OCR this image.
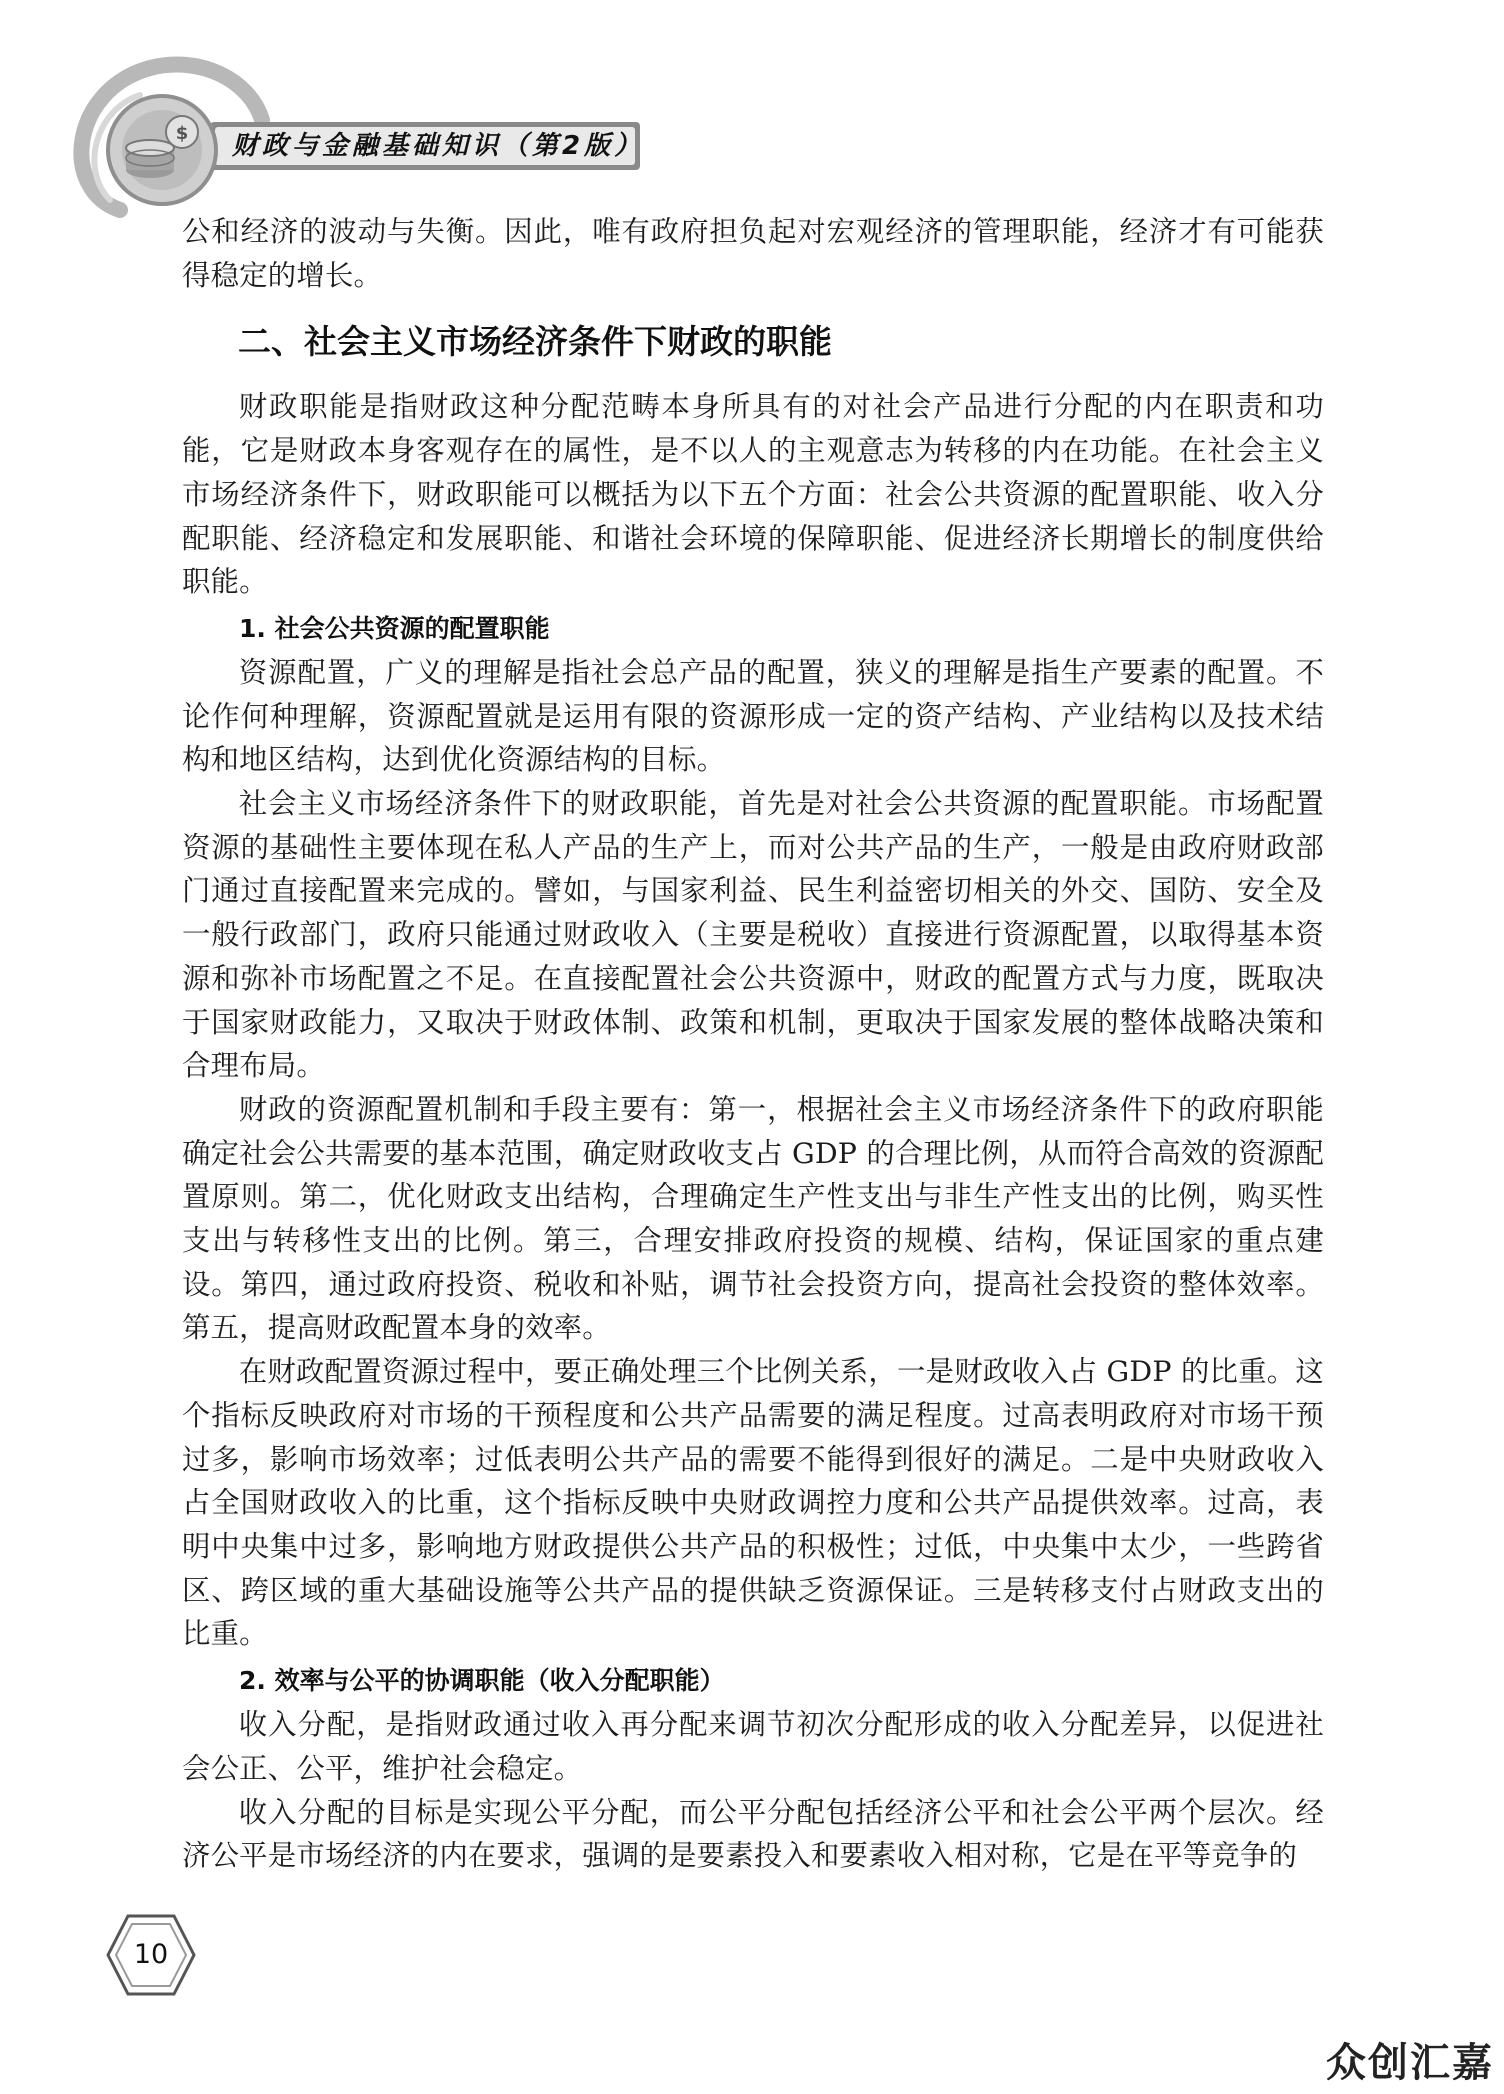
$ 财政与金融基础知识（第2版）

公和经济的波动与失衡。因此，唯有政府担负起对宏观经济的管理职能，经济才有可能获得稳定的增长。

二、社会主义市场经济条件下财政的职能

财政职能是指财政这种分配范畴本身所具有的对社会产品进行分配的内在职责和功能，它是财政本身客观存在的属性，是不以人的主观意志为转移的内在功能。在社会主义市场经济条件下，财政职能可以概括为以下五个方面：社会公共资源的配置职能、收入分配职能、经济稳定和发展职能、和谐社会环境的保障职能、促进经济长期增长的制度供给职能。

1. 社会公共资源的配置职能

资源配置，广义的理解是指社会总产品的配置，狭义的理解是指生产要素的配置。不论作何种理解，资源配置就是运用有限的资源形成一定的资产结构、产业结构以及技术结构和地区结构，达到优化资源结构的目标。

社会主义市场经济条件下的财政职能，首先是对社会公共资源的配置职能。市场配置资源的基础性主要体现在私人产品的生产上，而对公共产品的生产，一般是由政府财政部门通过直接配置来完成的。譬如，与国家利益、民生利益密切相关的外交、国防、安全及一般行政部门，政府只能通过财政收入（主要是税收）直接进行资源配置，以取得基本资源和弥补市场配置之不足。在直接配置社会公共资源中，财政的配置方式与力度，既取决于国家财政能力，又取决于财政体制、政策和机制，更取决于国家发展的整体战略决策和合理布局。

财政的资源配置机制和手段主要有：第一，根据社会主义市场经济条件下的政府职能确定社会公共需要的基本范围，确定财政收支占 GDP 的合理比例，从而符合高效的资源配置原则。第二，优化财政支出结构，合理确定生产性支出与非生产性支出的比例，购买性支出与转移性支出的比例。第三，合理安排政府投资的规模、结构，保证国家的重点建设。第四，通过政府投资、税收和补贴，调节社会投资方向，提高社会投资的整体效率。第五，提高财政配置本身的效率。

在财政配置资源过程中，要正确处理三个比例关系，一是财政收入占 GDP 的比重。这个指标反映政府对市场的干预程度和公共产品需要的满足程度。过高表明政府对市场干预过多，影响市场效率；过低表明公共产品的需要不能得到很好的满足。二是中央财政收入占全国财政收入的比重，这个指标反映中央财政调控力度和公共产品提供效率。过高，表明中央集中过多，影响地方财政提供公共产品的积极性；过低，中央集中太少，一些跨省区、跨区域的重大基础设施等公共产品的提供缺乏资源保证。三是转移支付占财政支出的比重。

2. 效率与公平的协调职能（收入分配职能）

收入分配，是指财政通过收入再分配来调节初次分配形成的收入分配差异，以促进社会公正、公平，维护社会稳定。

收入分配的目标是实现公平分配，而公平分配包括经济公平和社会公平两个层次。经济公平是市场经济的内在要求，强调的是要素投入和要素收入相对称，它是在平等竞争的

10
众创汇嘉
